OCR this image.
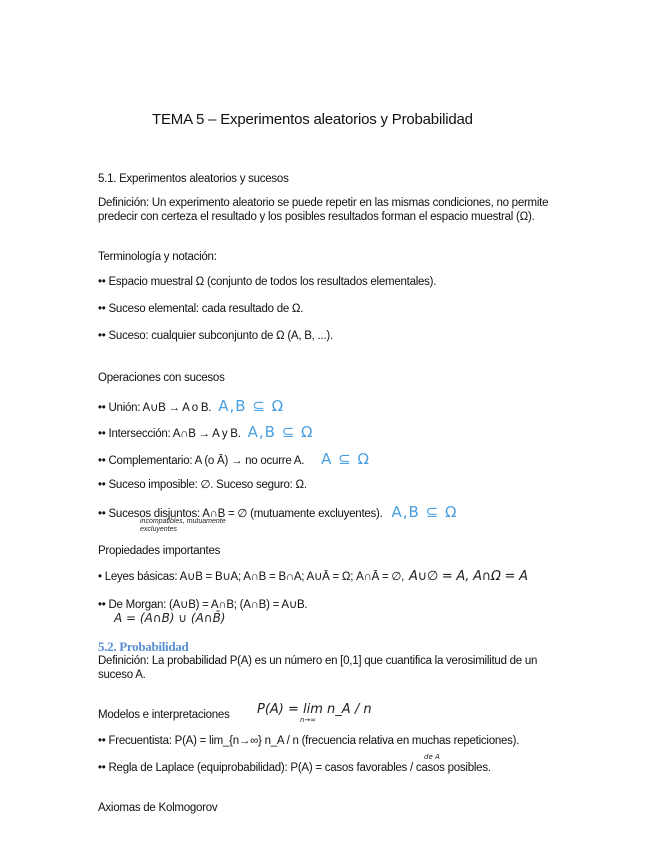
TEMA 5 – Experimentos aleatorios y Probabilidad
5.1. Experimentos aleatorios y sucesos
Definición: Un experimento aleatorio se puede repetir en las mismas condiciones, no permite predecir con certeza el resultado y los posibles resultados forman el espacio muestral (Ω).
Terminología y notación:
•• Espacio muestral Ω (conjunto de todos los resultados elementales).
•• Suceso elemental: cada resultado de Ω.
•• Suceso: cualquier subconjunto de Ω (A, B, ...).
Operaciones con sucesos
•• Unión: A∪B → A o B. A,B ⊆ Ω
•• Intersección: A∩B → A y B. A,B ⊆ Ω
•• Complementario: A (o Ā) → no ocurre A. A ⊆ Ω
•• Suceso imposible: ∅. Suceso seguro: Ω.
•• Sucesos disjuntos: A∩B = ∅ (mutuamente excluyentes). A,B ⊆ Ω
incompatibles, mutuamente excluyentes
Propiedades importantes
• Leyes básicas: A∪B = B∪A; A∩B = B∩A; A∪Ā = Ω; A∩Ā = ∅, A∪∅ = A, A∩Ω = A
•• De Morgan: (A∪B) = A∩B; (A∩B) = A∪B.
A = (A∩B) ∪ (A∩B̄)
5.2. Probabilidad
Definición: La probabilidad P(A) es un número en [0,1] que cuantifica la verosimilitud de un suceso A.
Modelos e interpretaciones P(A) = lim n_A / n
n→∞
•• Frecuentista: P(A) = lim_{n→∞} n_A / n (frecuencia relativa en muchas repeticiones).
•• Regla de Laplace (equiprobabilidad): P(A) = casos favorables / casos posibles.
de A
Axiomas de Kolmogorov
